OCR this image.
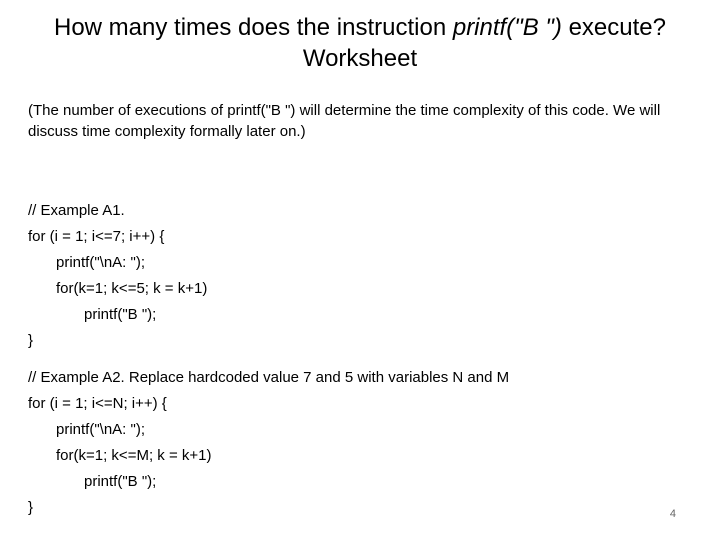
How many times does the instruction printf("B ") execute?
Worksheet
(The number of executions of printf("B ") will determine the time complexity of this code. We will discuss time complexity formally later on.)
// Example A1.
for (i = 1; i<=7; i++) {
printf("\nA: ");
for(k=1; k<=5; k = k+1)
printf("B ");
}
// Example A2. Replace hardcoded value 7 and 5 with variables N and M
for (i = 1; i<=N; i++) {
printf("\nA: ");
for(k=1; k<=M; k = k+1)
printf("B ");
}	4
